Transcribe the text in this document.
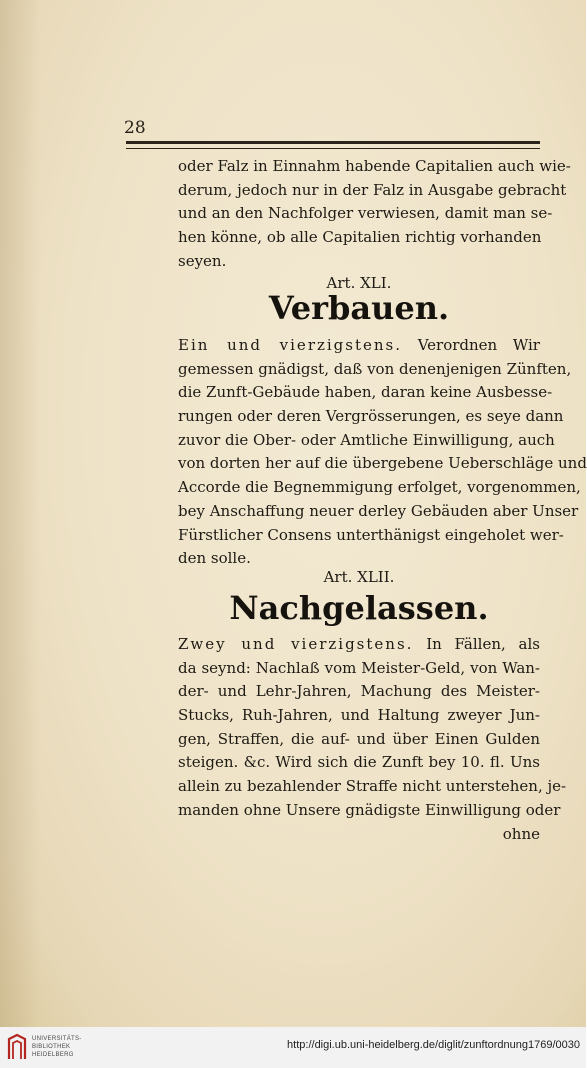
28
oder Falz in Einnahm habende Capitalien auch wie-
derum, jedoch nur in der Falz in Ausgabe gebracht
und an den Nachfolger verwiesen, damit man se-
hen könne, ob alle Capitalien richtig vorhanden
seyen.
Art. XLI.
Verbauen.
Ein und vierzigstens. Verordnen Wir
gemessen gnädigst, daß von denenjenigen Zünften,
die Zunft-Gebäude haben, daran keine Ausbesse-
rungen oder deren Vergrösserungen, es seye dann
zuvor die Ober- oder Amtliche Einwilligung, auch
von dorten her auf die übergebene Ueberschläge und
Accorde die Begnemmigung erfolget, vorgenommen,
bey Anschaffung neuer derley Gebäuden aber Unser
Fürstlicher Consens unterthänigst eingeholet wer-
den solle.
Art. XLII.
Nachgelassen.
Zwey und vierzigstens. In Fällen, als
da seynd: Nachlaß vom Meister-Geld, von Wan-
der- und Lehr-Jahren, Machung des Meister-
Stucks, Ruh-Jahren, und Haltung zweyer Jun-
gen, Straffen, die auf- und über Einen Gulden
steigen. &c. Wird sich die Zunft bey 10. fl. Uns
allein zu bezahlender Straffe nicht unterstehen, je-
manden ohne Unsere gnädigste Einwilligung oder
ohne
UNIVERSITÄTS-
BIBLIOTHEK
HEIDELBERG
http://digi.ub.uni-heidelberg.de/diglit/zunftordnung1769/0030
